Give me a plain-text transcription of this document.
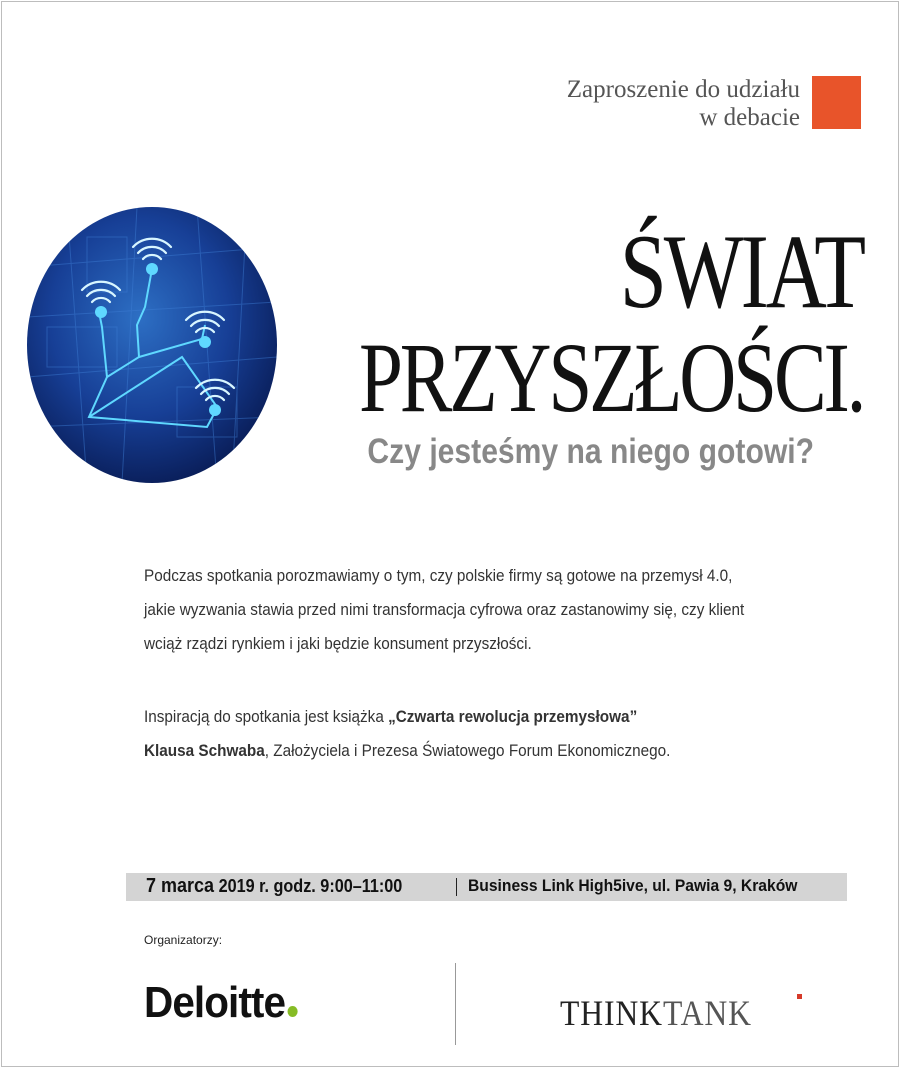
Zaproszenie do udziału
w debacie
ŚWIAT
PRZYSZŁOŚCI.
Czy jesteśmy na niego gotowi?
Podczas spotkania porozmawiamy o tym, czy polskie firmy są gotowe na przemysł 4.0,
jakie wyzwania stawia przed nimi transformacja cyfrowa oraz zastanowimy się, czy klient
wciąż rządzi rynkiem i jaki będzie konsument przyszłości.
Inspiracją do spotkania jest książka „Czwarta rewolucja przemysłowa”
Klausa Schwaba, Założyciela i Prezesa Światowego Forum Ekonomicznego.
7 marca 2019 r. godz. 9:00–11:00	Business Link High5ive, ul. Pawia 9, Kraków
Organizatorzy:
Deloitte	THINKTANK
